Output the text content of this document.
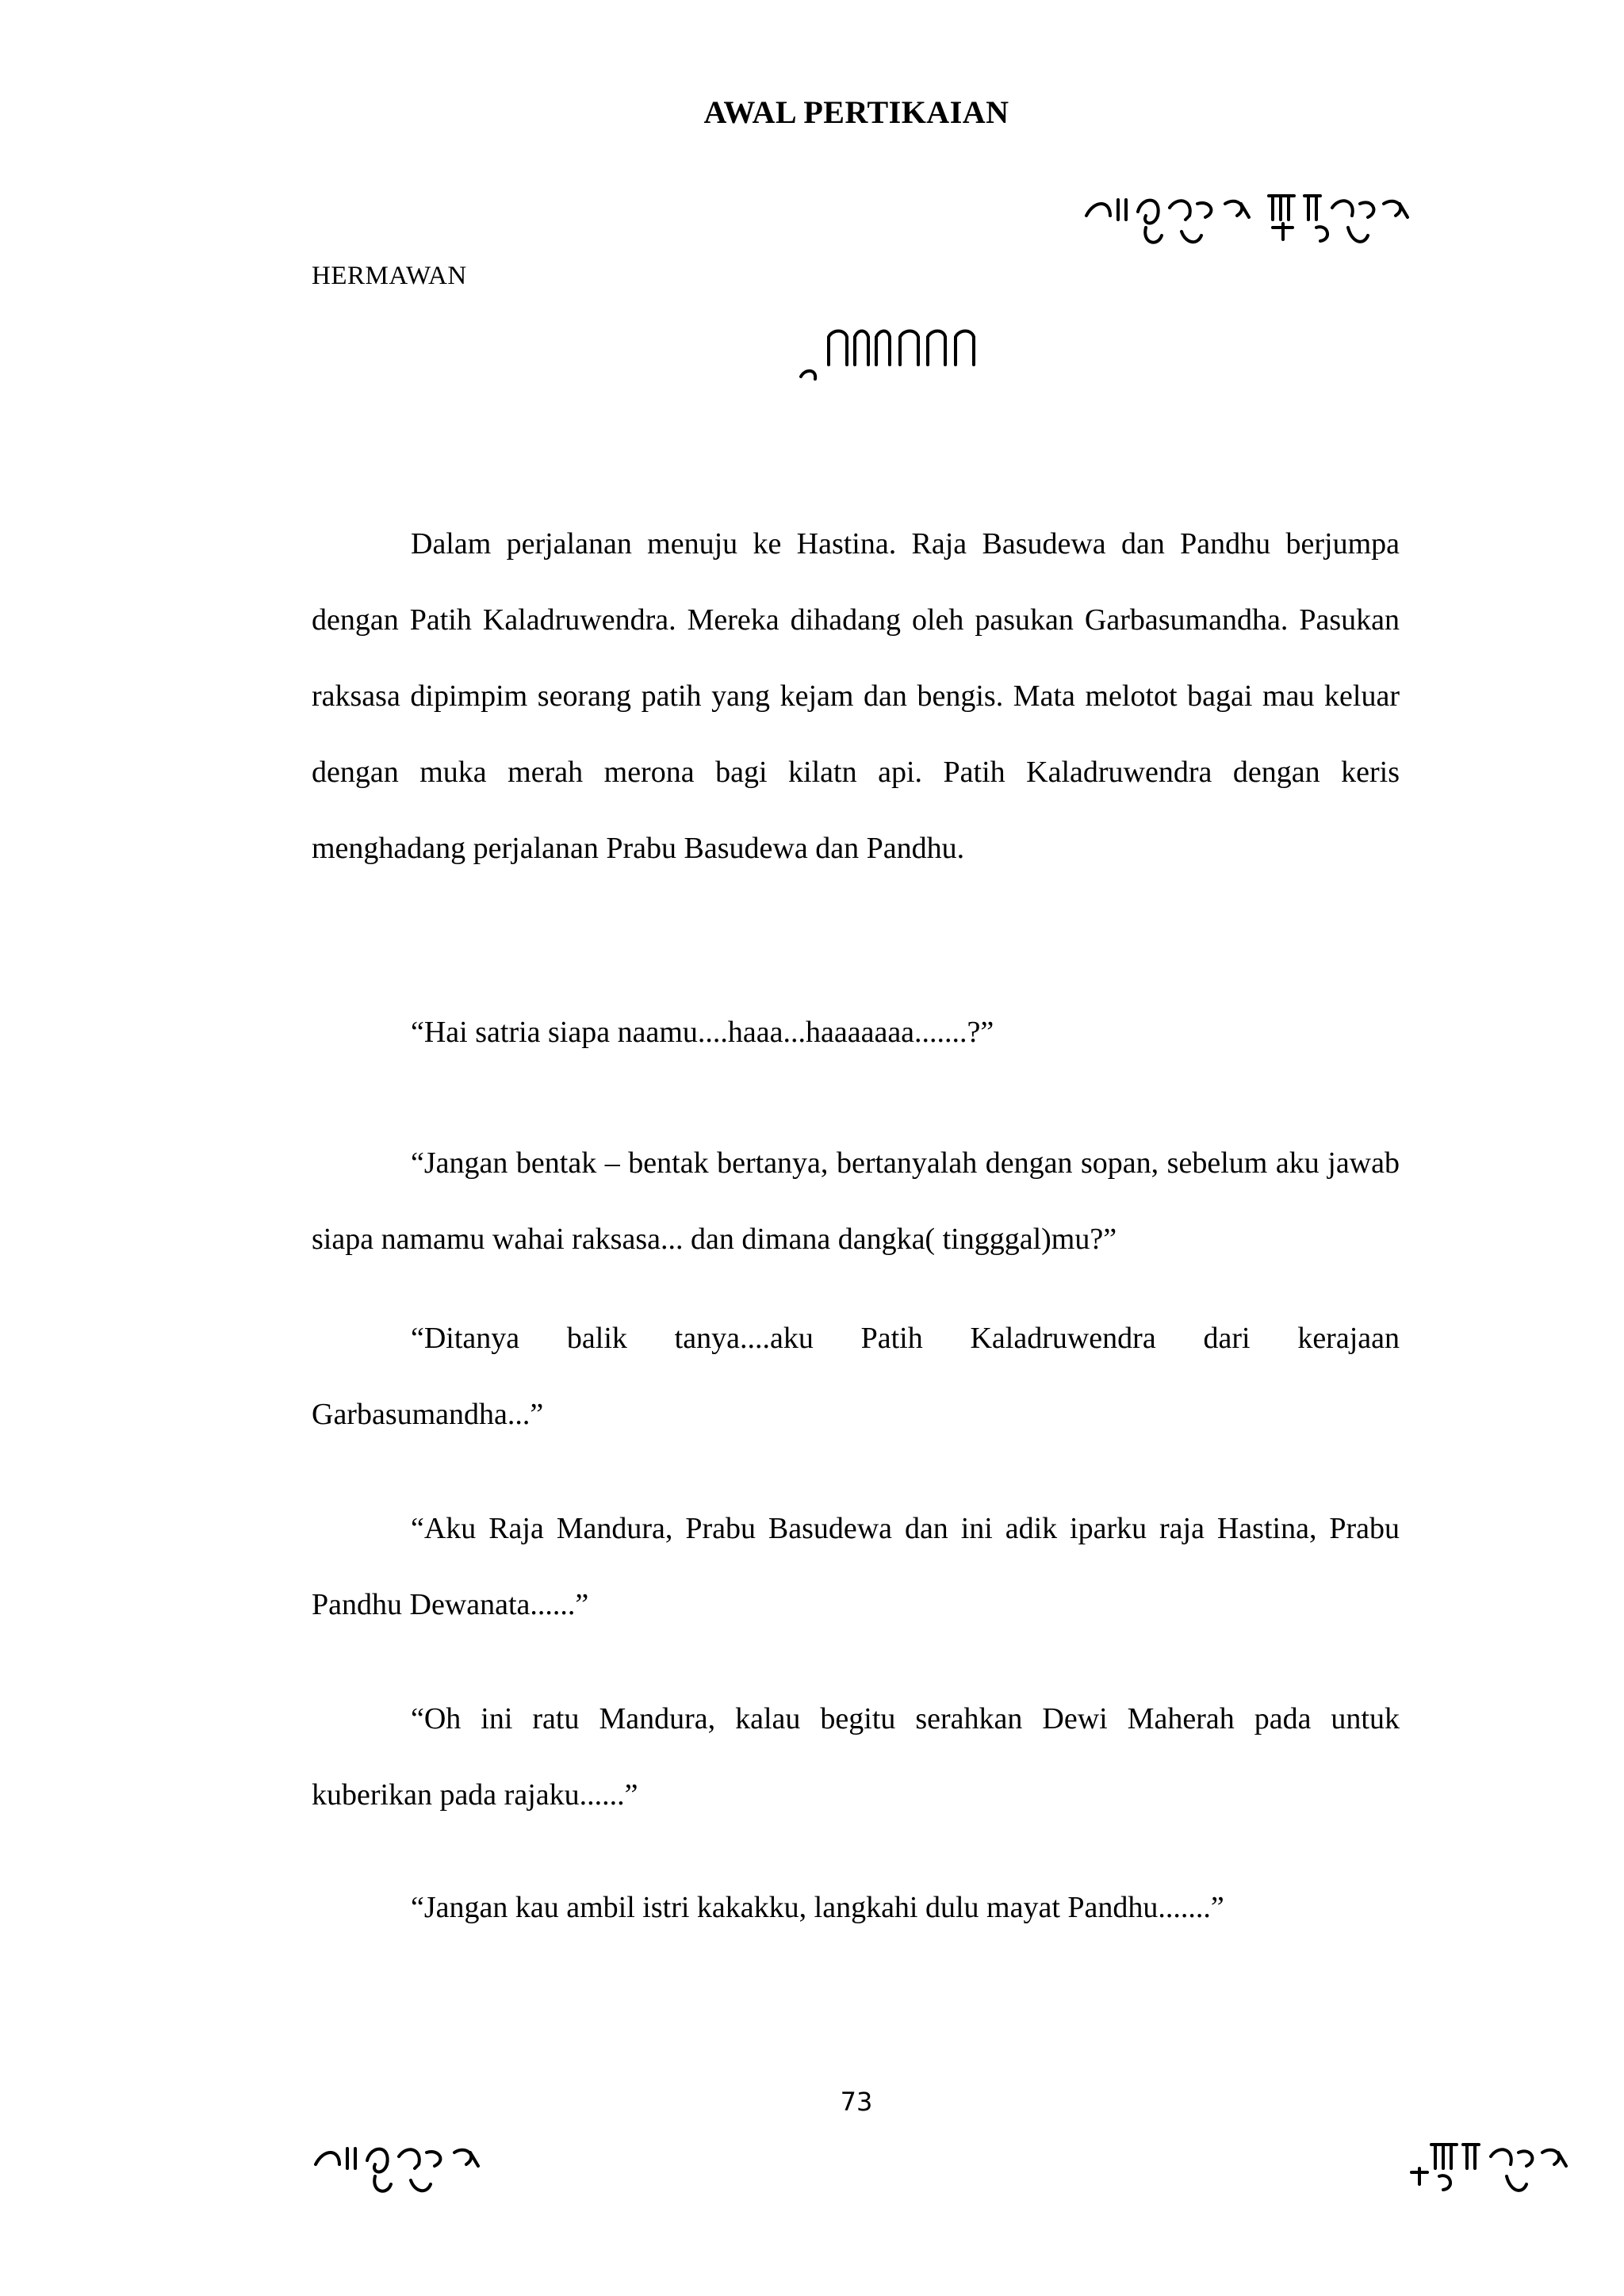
AWAL PERTIKAIAN
HERMAWAN

Dalam perjalanan menuju ke Hastina. Raja Basudewa dan Pandhu berjumpa dengan Patih Kaladruwendra. Mereka dihadang oleh pasukan Garbasumandha. Pasukan raksasa dipimpim seorang patih yang kejam dan bengis. Mata melotot bagai mau keluar dengan muka merah merona bagi kilatn api. Patih Kaladruwendra dengan keris menghadang perjalanan Prabu Basudewa dan Pandhu.

“Hai satria siapa naamu....haaa...haaaaaaa.......?”

“Jangan bentak – bentak bertanya, bertanyalah dengan sopan, sebelum aku jawab siapa namamu wahai raksasa... dan dimana dangka( tingggal)mu?”

“Ditanya balik tanya....aku Patih Kaladruwendra dari kerajaan Garbasumandha...”

“Aku Raja Mandura, Prabu Basudewa dan ini adik iparku raja Hastina, Prabu Pandhu Dewanata......”

“Oh ini ratu Mandura, kalau begitu serahkan Dewi Maherah pada untuk kuberikan pada rajaku......”

“Jangan kau ambil istri kakakku, langkahi dulu mayat Pandhu.......”

73
